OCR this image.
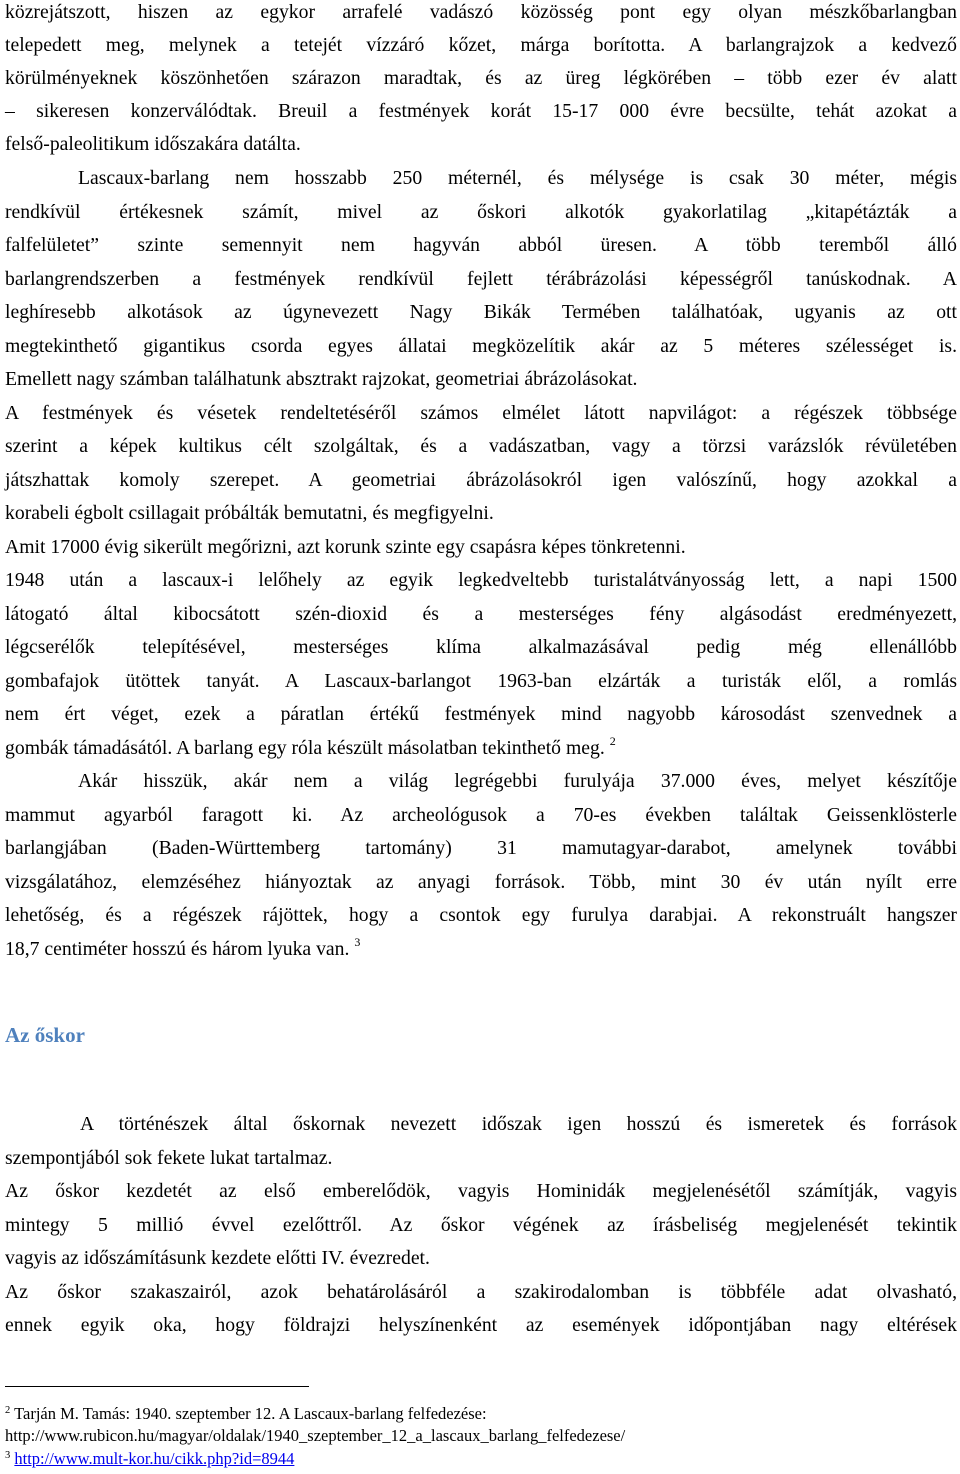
közrejátszott, hiszen az egykor arrafelé vadászó közösség pont egy olyan mészkőbarlangban

telepedett meg, melynek a tetejét vízzáró kőzet, márga borította. A barlangrajzok a kedvező

körülményeknek köszönhetően szárazon maradtak, és az üreg légkörében – több ezer év alatt

– sikeresen konzerválódtak. Breuil a festmények korát 15-17 000 évre becsülte, tehát azokat a

felső-paleolitikum időszakára datálta.

Lascaux-barlang nem hosszabb 250 méternél, és mélysége is csak 30 méter, mégis

rendkívül értékesnek számít, mivel az őskori alkotók gyakorlatilag „kitapétázták a

falfelületet” szinte semennyit nem hagyván abból üresen. A több teremből álló

barlangrendszerben a festmények rendkívül fejlett térábrázolási képességről tanúskodnak. A

leghíresebb alkotások az úgynevezett Nagy Bikák Termében találhatóak, ugyanis az ott

megtekinthető gigantikus csorda egyes állatai megközelítik akár az 5 méteres szélességet is.

Emellett nagy számban találhatunk absztrakt rajzokat, geometriai ábrázolásokat.

A festmények és vésetek rendeltetéséről számos elmélet látott napvilágot: a régészek többsége

szerint a képek kultikus célt szolgáltak, és a vadászatban, vagy a törzsi varázslók révületében

játszhattak komoly szerepet. A geometriai ábrázolásokról igen valószínű, hogy azokkal a

korabeli égbolt csillagait próbálták bemutatni, és megfigyelni.

Amit 17000 évig sikerült megőrizni, azt korunk szinte egy csapásra képes tönkretenni.

1948 után a lascaux-i lelőhely az egyik legkedveltebb turistalátványosság lett, a napi 1500

látogató által kibocsátott szén-dioxid és a mesterséges fény algásodást eredményezett,

légcserélők telepítésével, mesterséges klíma alkalmazásával pedig még ellenállóbb

gombafajok ütöttek tanyát. A Lascaux-barlangot 1963-ban elzárták a turisták elől, a romlás

nem ért véget, ezek a páratlan értékű festmények mind nagyobb károsodást szenvednek a

gombák támadásától. A barlang egy róla készült másolatban tekinthető meg. $^2$

Akár hisszük, akár nem a világ legrégebbi furulyája 37.000 éves, melyet készítője

mammut agyarból faragott ki. Az archeológusok a 70-es években találtak Geissenklösterle

barlangjában (Baden-Württemberg tartomány) 31 mamutagyar-darabot, amelynek további

vizsgálatához, elemzéséhez hiányoztak az anyagi források. Több, mint 30 év után nyílt erre

lehetőség, és a régészek rájöttek, hogy a csontok egy furulya darabjai. A rekonstruált hangszer

18,7 centiméter hosszú és három lyuka van. $^3$

Az őskor

A történészek által őskornak nevezett időszak igen hosszú és ismeretek és források

szempontjából sok fekete lukat tartalmaz.

Az őskor kezdetét az első emberelődök, vagyis Hominidák megjelenésétől számítják, vagyis

mintegy 5 millió évvel ezelőttről. Az őskor végének az írásbeliség megjelenését tekintik

vagyis az időszámításunk kezdete előtti IV. évezredet.

Az őskor szakaszairól, azok behatárolásáról a szakirodalomban is többféle adat olvasható,

ennek egyik oka, hogy földrajzi helyszínenként az események időpontjában nagy eltérések

$^2$ Tarján M. Tamás: 1940. szeptember 12. A Lascaux-barlang felfedezése:

http://www.rubicon.hu/magyar/oldalak/1940_szeptember_12_a_lascaux_barlang_felfedezese/

$^3$ http://www.mult-kor.hu/cikk.php?id=8944
